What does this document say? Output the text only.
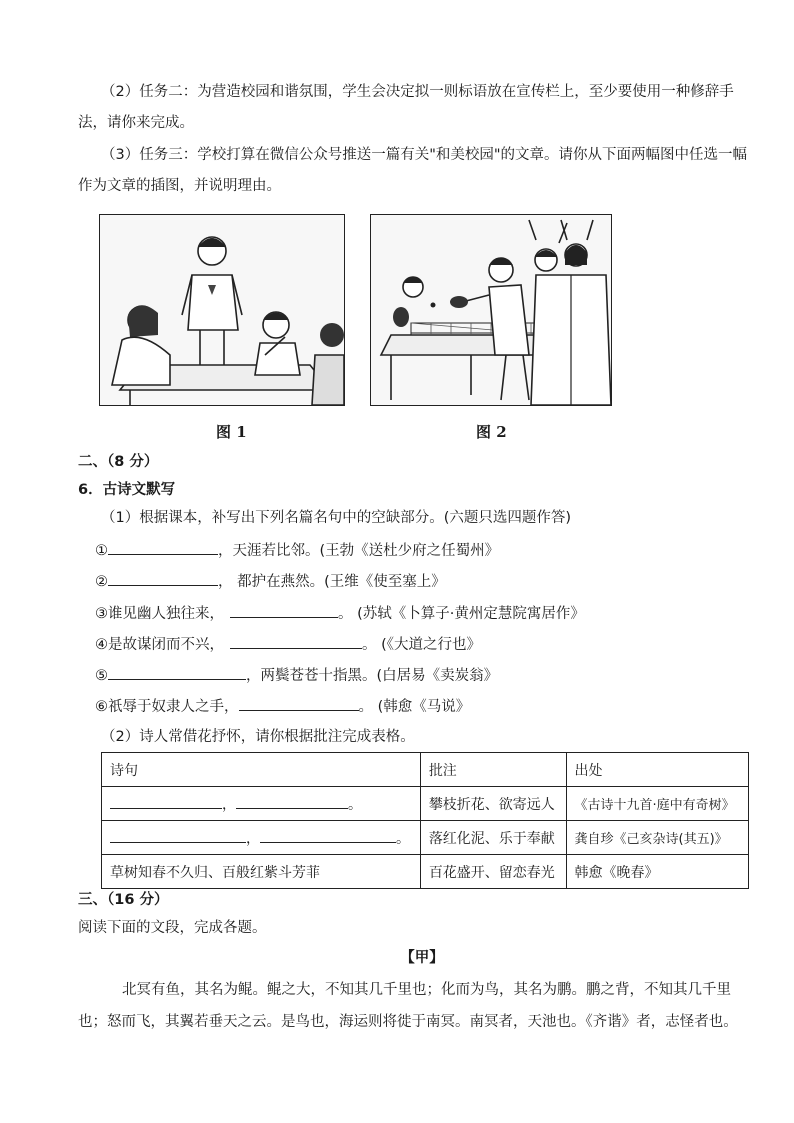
（2）任务二：为营造校园和谐氛围，学生会决定拟一则标语放在宣传栏上，至少要使用一种修辞手
法，请你来完成。
（3）任务三：学校打算在微信公众号推送一篇有关"和美校园"的文章。请你从下面两幅图中任选一幅
作为文章的插图，并说明理由。
图 1	图 2
二、（8 分）
6．古诗文默写
（1）根据课本，补写出下列名篇名句中的空缺部分。(六题只选四题作答)
①	，天涯若比邻。(王勃《送杜少府之任蜀州》
②	， 都护在燕然。(王维《使至塞上》
③谁见幽人独往来，	。 (苏轼《卜算子·黄州定慧院寓居作》
④是故谋闭而不兴，	。 (《大道之行也》
⑤	，两鬓苍苍十指黑。(白居易《卖炭翁》
⑥祇辱于奴隶人之手，	。 (韩愈《马说》
（2）诗人常借花抒怀，请你根据批注完成表格。
诗句	批注	出处
， 。	攀枝折花、欲寄远人	《古诗十九首·庭中有奇树》
， 。	落红化泥、乐于奉献	龚自珍《己亥杂诗(其五)》
草树知春不久归、百般红紫斗芳菲	百花盛开、留恋春光	韩愈《晚春》
三、（16 分）
阅读下面的文段，完成各题。
【甲】
北冥有鱼，其名为鲲。鲲之大，不知其几千里也；化而为鸟，其名为鹏。鹏之背，不知其几千里
也；怒而飞，其翼若垂天之云。是鸟也，海运则将徙于南冥。南冥者，天池也。《齐谐》者，志怪者也。
